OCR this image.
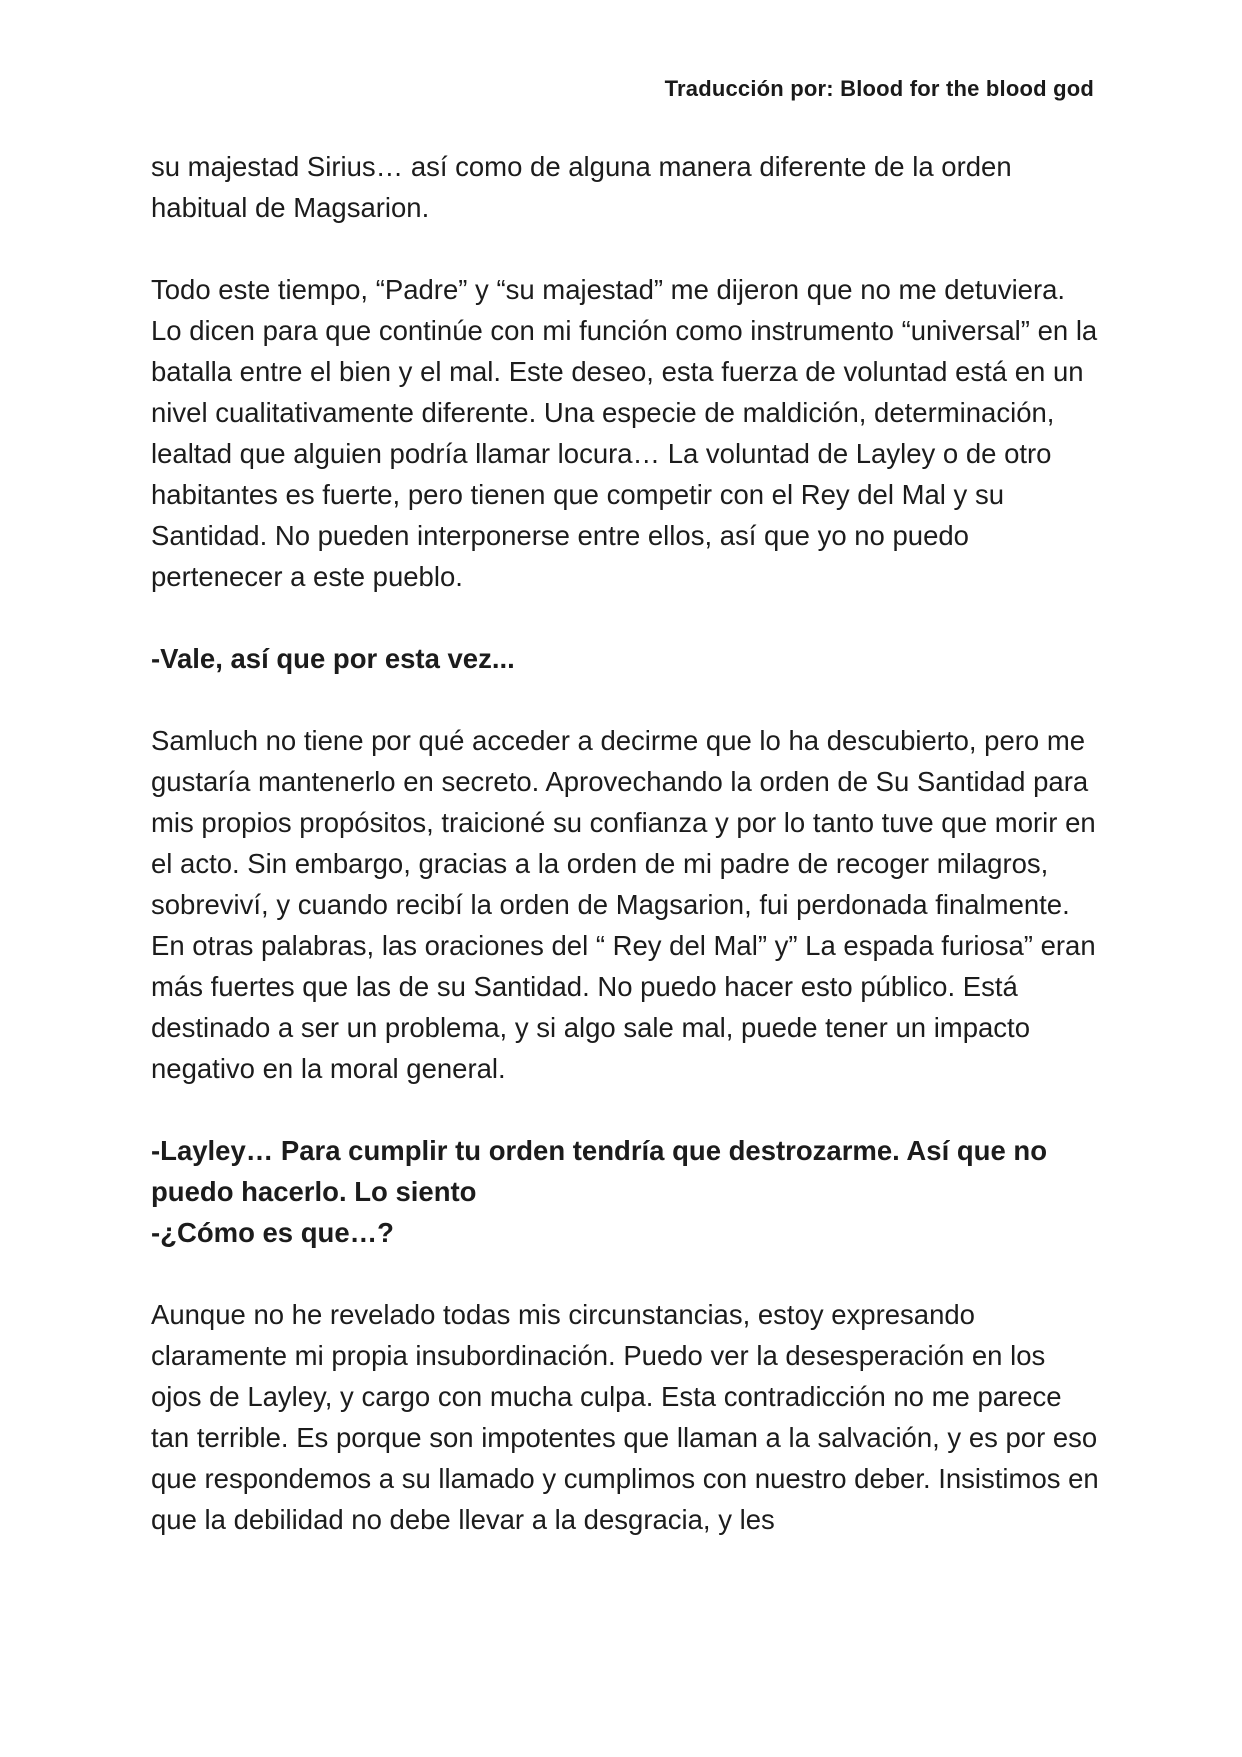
Traducción por: Blood for the blood god

su majestad Sirius… así como de alguna manera diferente de la orden habitual de Magsarion.

Todo este tiempo, “Padre” y “su majestad” me dijeron que no me detuviera. Lo dicen para que continúe con mi función como instrumento “universal” en la batalla entre el bien y el mal. Este deseo, esta fuerza de voluntad está en un nivel cualitativamente diferente. Una especie de maldición, determinación, lealtad que alguien podría llamar locura… La voluntad de Layley o de otro habitantes es fuerte, pero tienen que competir con el Rey del Mal y su Santidad. No pueden interponerse entre ellos, así que yo no puedo pertenecer a este pueblo.

-Vale, así que por esta vez...

Samluch no tiene por qué acceder a decirme que lo ha descubierto, pero me gustaría mantenerlo en secreto. Aprovechando la orden de Su Santidad para mis propios propósitos, traicioné su confianza y por lo tanto tuve que morir en el acto. Sin embargo, gracias a la orden de mi padre de recoger milagros, sobreviví, y cuando recibí la orden de Magsarion, fui perdonada finalmente. En otras palabras, las oraciones del “ Rey del Mal” y” La espada furiosa” eran más fuertes que las de su Santidad. No puedo hacer esto público. Está destinado a ser un problema, y si algo sale mal, puede tener un impacto negativo en la moral general.

-Layley… Para cumplir tu orden tendría que destrozarme. Así que no puedo hacerlo. Lo siento

-¿Cómo es que…?

Aunque no he revelado todas mis circunstancias, estoy expresando claramente mi propia insubordinación. Puedo ver la desesperación en los ojos de Layley, y cargo con mucha culpa. Esta contradicción no me parece tan terrible. Es porque son impotentes que llaman a la salvación, y es por eso que respondemos a su llamado y cumplimos con nuestro deber. Insistimos en que la debilidad no debe llevar a la desgracia, y les
